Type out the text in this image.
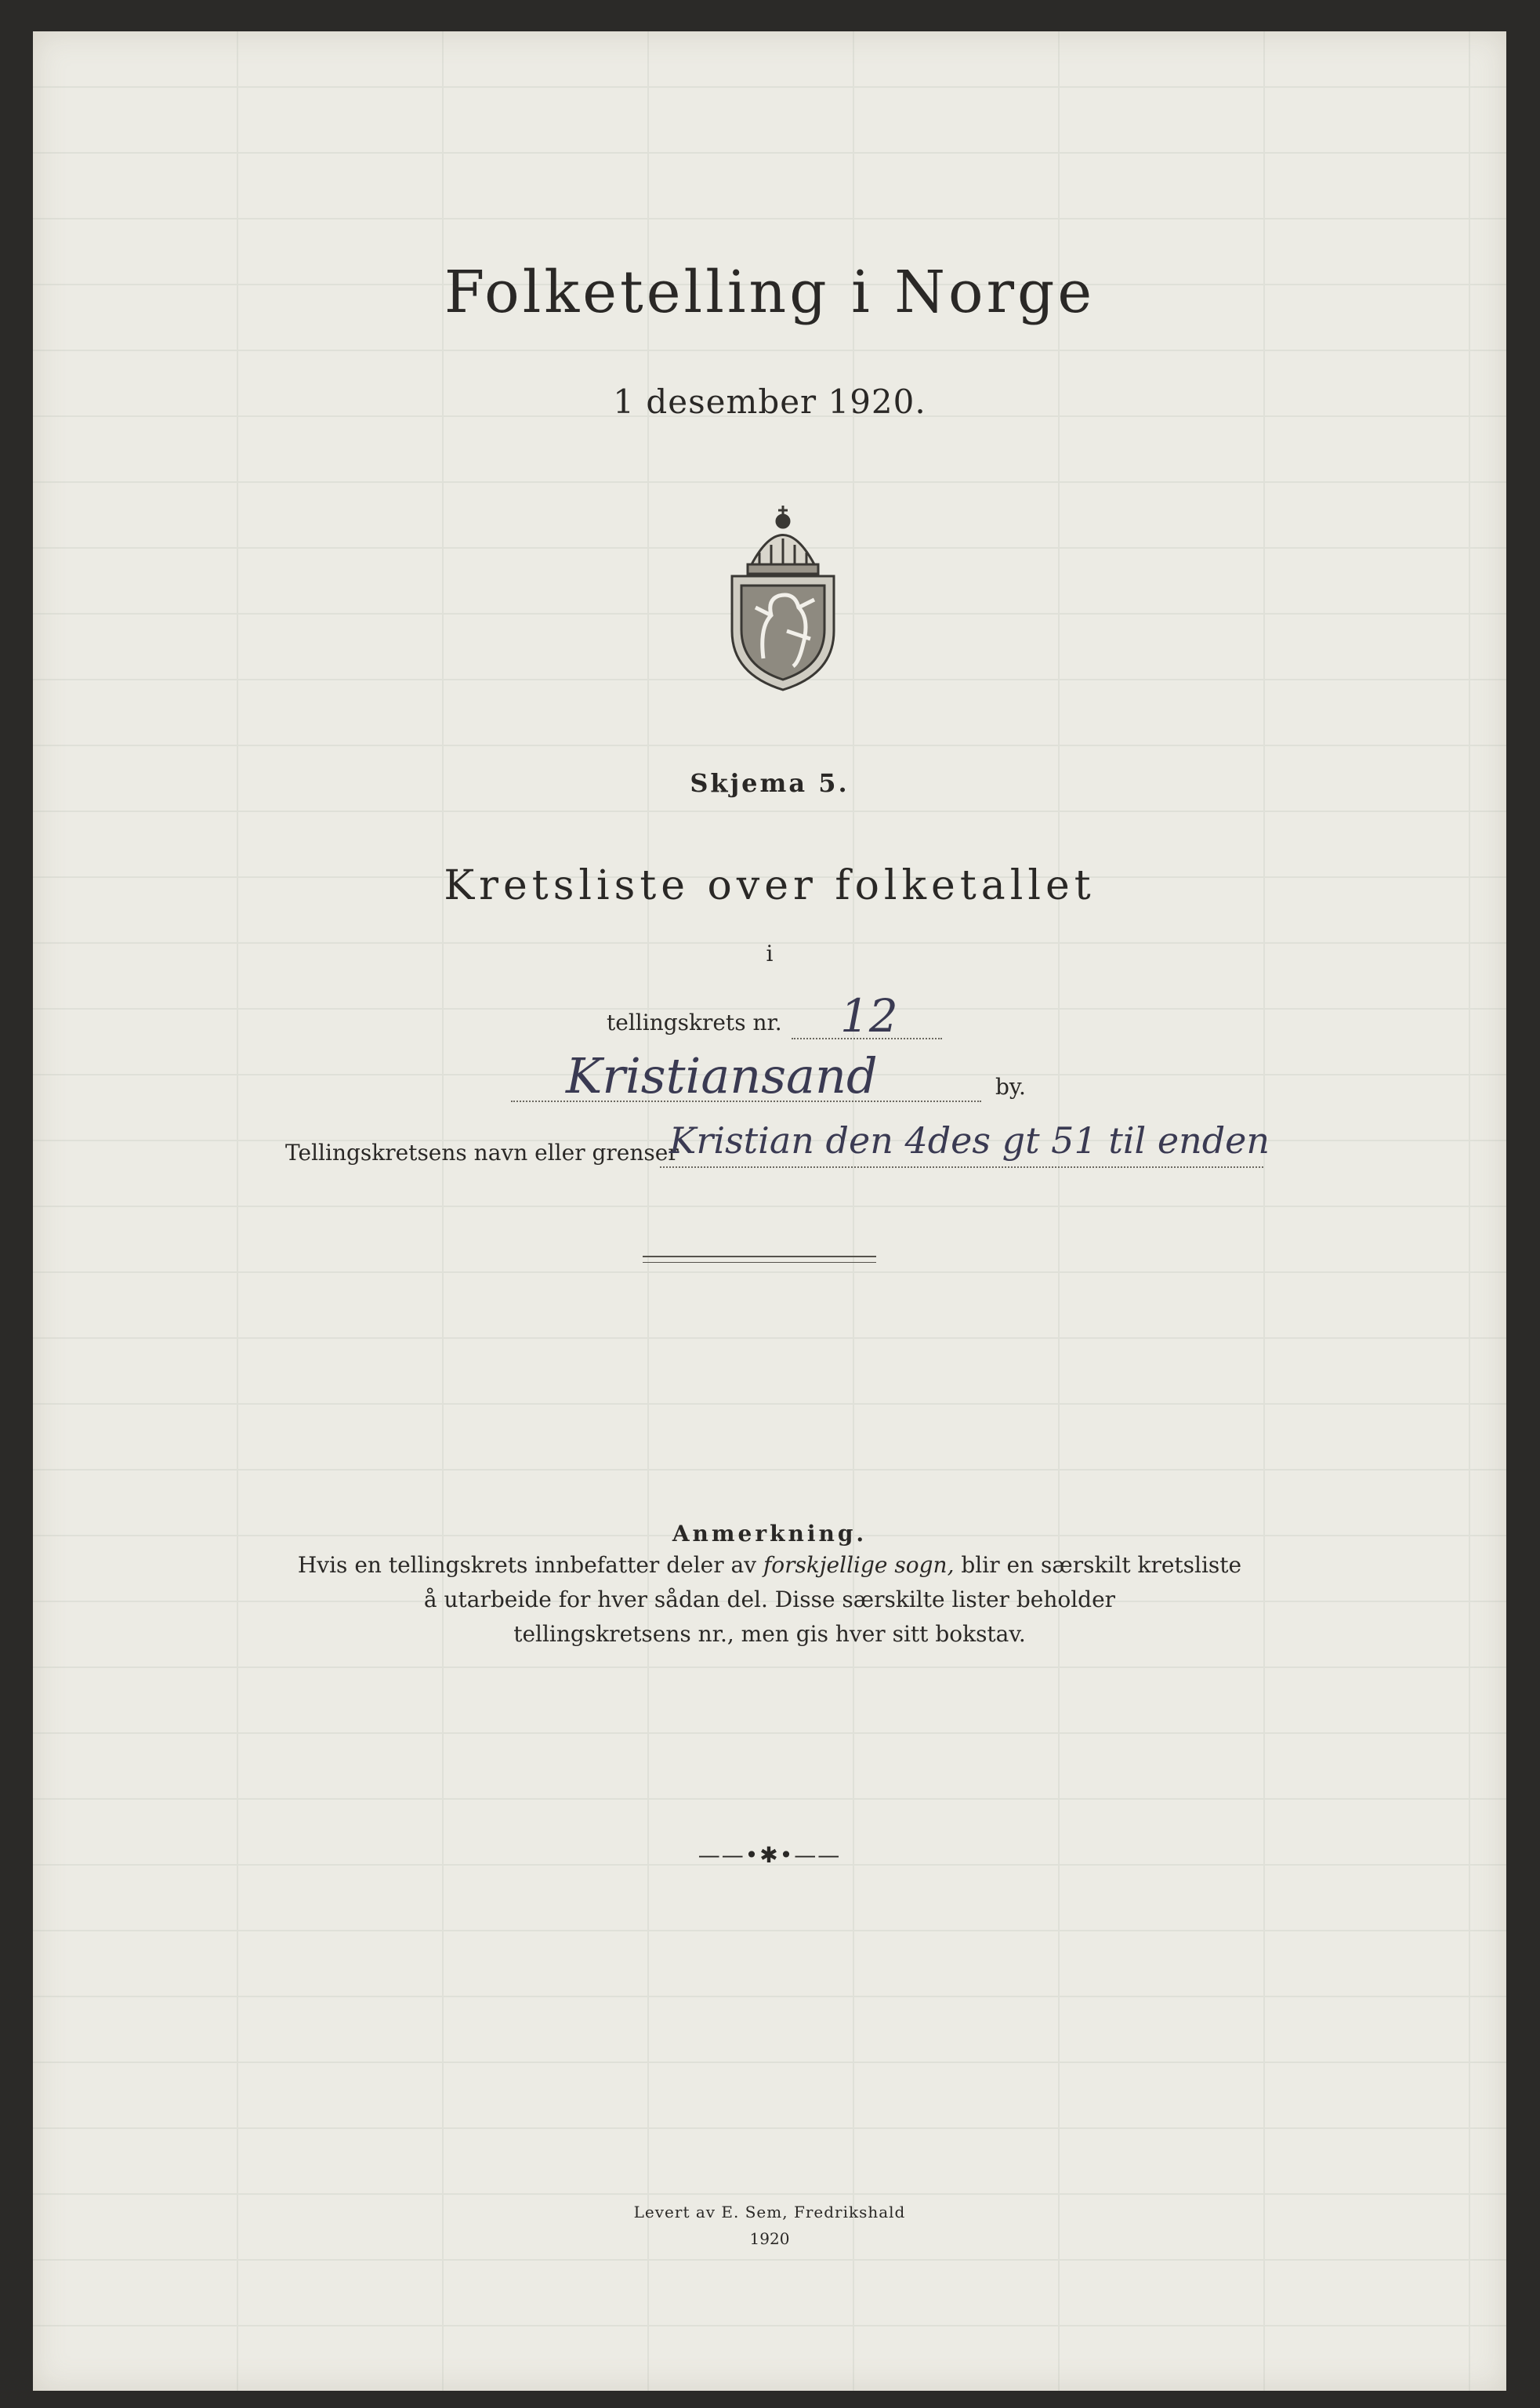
Folketelling i Norge
1 desember 1920.
Skjema 5.
Kretsliste over folketallet
i
tellingskrets nr. 12
Kristiansand	by.
Tellingskretsens navn eller grenser
Kristian den 4des gt 51 til enden
Anmerkning.
Hvis en tellingskrets innbefatter deler av forskjellige sogn, blir en særskilt kretsliste
å utarbeide for hver sådan del. Disse særskilte lister beholder
tellingskretsens nr., men gis hver sitt bokstav.
——•✱•——
Levert av E. Sem, Fredrikshald
1920
